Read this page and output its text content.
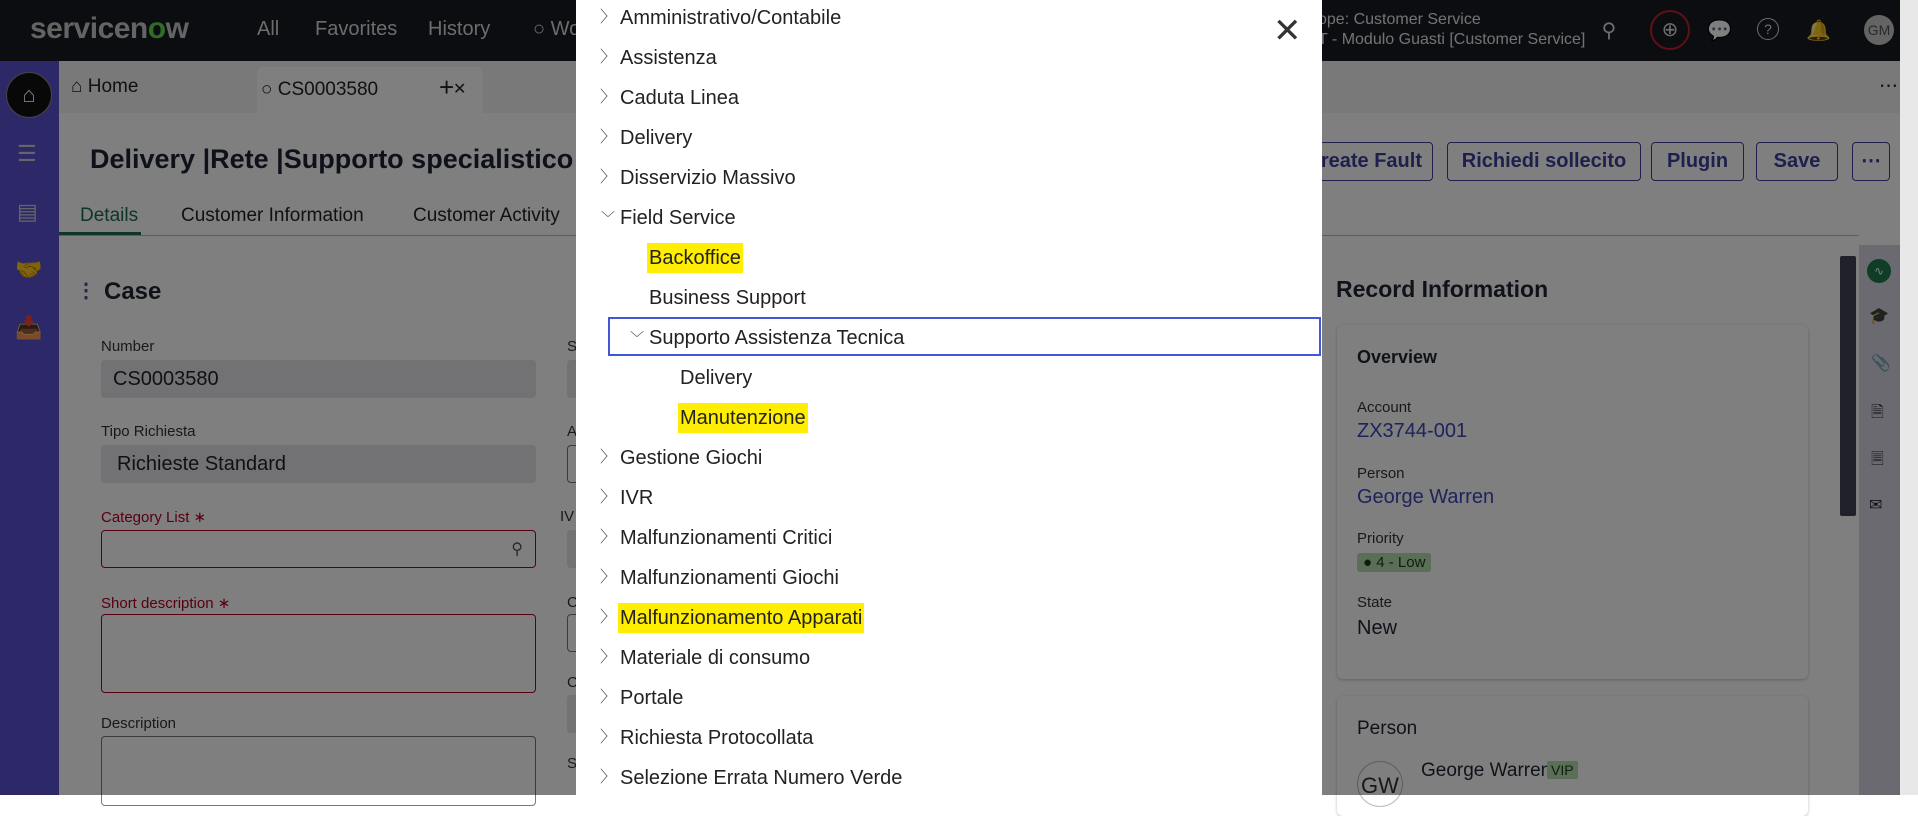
〉 Amministrativo/Contabile
〉 Assistenza
〉 Caduta Linea
〉 Delivery
〉 Disservizio Massivo
﹀ Field Service
Backoffice
Business Support
﹀ Supporto Assistenza Tecnica
Delivery
Manutenzione
〉 Gestione Giochi
〉 IVR
〉 Malfunzionamenti Critici
〉 Malfunzionamenti Giochi
〉 Malfunzionamento Apparati
〉 Materiale di consumo
〉 Portale
〉 Richiesta Protocollata
〉 Selezione Errata Numero Verde
✕
